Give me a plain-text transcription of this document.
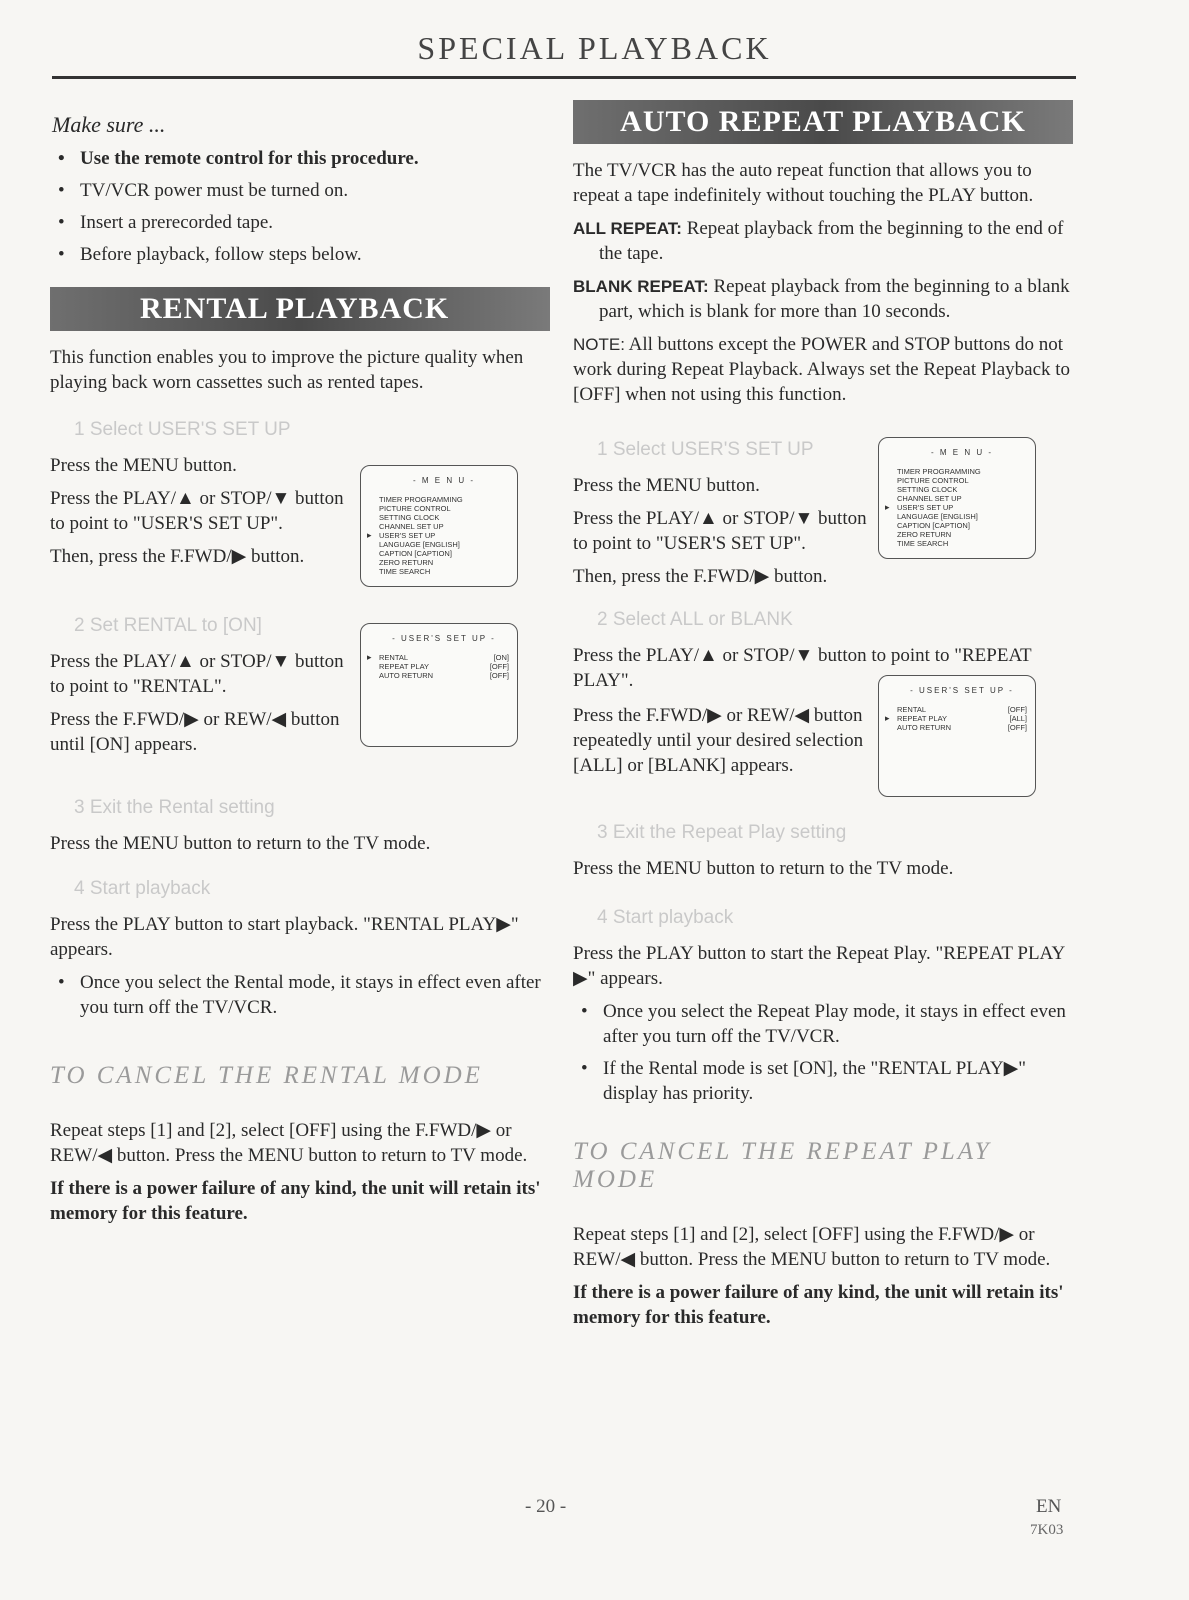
SPECIAL PLAYBACK

Make sure ...

• Use the remote control for this procedure.
• TV/VCR power must be turned on.
• Insert a prerecorded tape.
• Before playback, follow steps below.
RENTAL PLAYBACK

This function enables you to improve the picture quality when playing back worn cassettes such as rented tapes.

1 Select USER'S SET UP

Press the MENU button.

Press the PLAY/▲ or STOP/▼ button to point to "USER'S SET UP".

Then, press the F.FWD/▶ button.

- M E N U -
TIMER PROGRAMMING
PICTURE CONTROL
SETTING CLOCK
CHANNEL SET UP
▸ USER'S SET UP
LANGUAGE [ENGLISH]
CAPTION [CAPTION]
ZERO RETURN
TIME SEARCH
2 Set RENTAL to [ON]

Press the PLAY/▲ or STOP/▼ button to point to "RENTAL".

Press the F.FWD/▶ or REW/◀ button until [ON] appears.

- USER'S SET UP -
▸ RENTAL	[ON]
REPEAT PLAY	[OFF]
AUTO RETURN	[OFF]
3 Exit the Rental setting

Press the MENU button to return to the TV mode.

4 Start playback

Press the PLAY button to start playback. "RENTAL PLAY▶" appears.

• Once you select the Rental mode, it stays in effect even after you turn off the TV/VCR.
TO CANCEL THE RENTAL MODE

Repeat steps [1] and [2], select [OFF] using the F.FWD/▶ or REW/◀ button. Press the MENU button to return to TV mode.

If there is a power failure of any kind, the unit will retain its' memory for this feature.

AUTO REPEAT PLAYBACK

The TV/VCR has the auto repeat function that allows you to repeat a tape indefinitely without touching the PLAY button.

ALL REPEAT: Repeat playback from the beginning to the end of the tape.

BLANK REPEAT: Repeat playback from the beginning to a blank part, which is blank for more than 10 seconds.

NOTE: All buttons except the POWER and STOP buttons do not work during Repeat Playback. Always set the Repeat Playback to [OFF] when not using this function.

1 Select USER'S SET UP

Press the MENU button.

Press the PLAY/▲ or STOP/▼ button to point to "USER'S SET UP".

Then, press the F.FWD/▶ button.

- M E N U -
TIMER PROGRAMMING
PICTURE CONTROL
SETTING CLOCK
CHANNEL SET UP
▸ USER'S SET UP
LANGUAGE [ENGLISH]
CAPTION [CAPTION]
ZERO RETURN
TIME SEARCH
2 Select ALL or BLANK

Press the PLAY/▲ or STOP/▼ button to point to "REPEAT PLAY".

Press the F.FWD/▶ or REW/◀ button repeatedly until your desired selection [ALL] or [BLANK] appears.

- USER'S SET UP -
RENTAL	[OFF]
▸ REPEAT PLAY	[ALL]
AUTO RETURN	[OFF]
3 Exit the Repeat Play setting

Press the MENU button to return to the TV mode.

4 Start playback

Press the PLAY button to start the Repeat Play. "REPEAT PLAY ▶" appears.

• Once you select the Repeat Play mode, it stays in effect even after you turn off the TV/VCR.
• If the Rental mode is set [ON], the "RENTAL PLAY▶" display has priority.
TO CANCEL THE REPEAT PLAY MODE

Repeat steps [1] and [2], select [OFF] using the F.FWD/▶ or REW/◀ button. Press the MENU button to return to TV mode.

If there is a power failure of any kind, the unit will retain its' memory for this feature.

- 20 -	EN
7K03
